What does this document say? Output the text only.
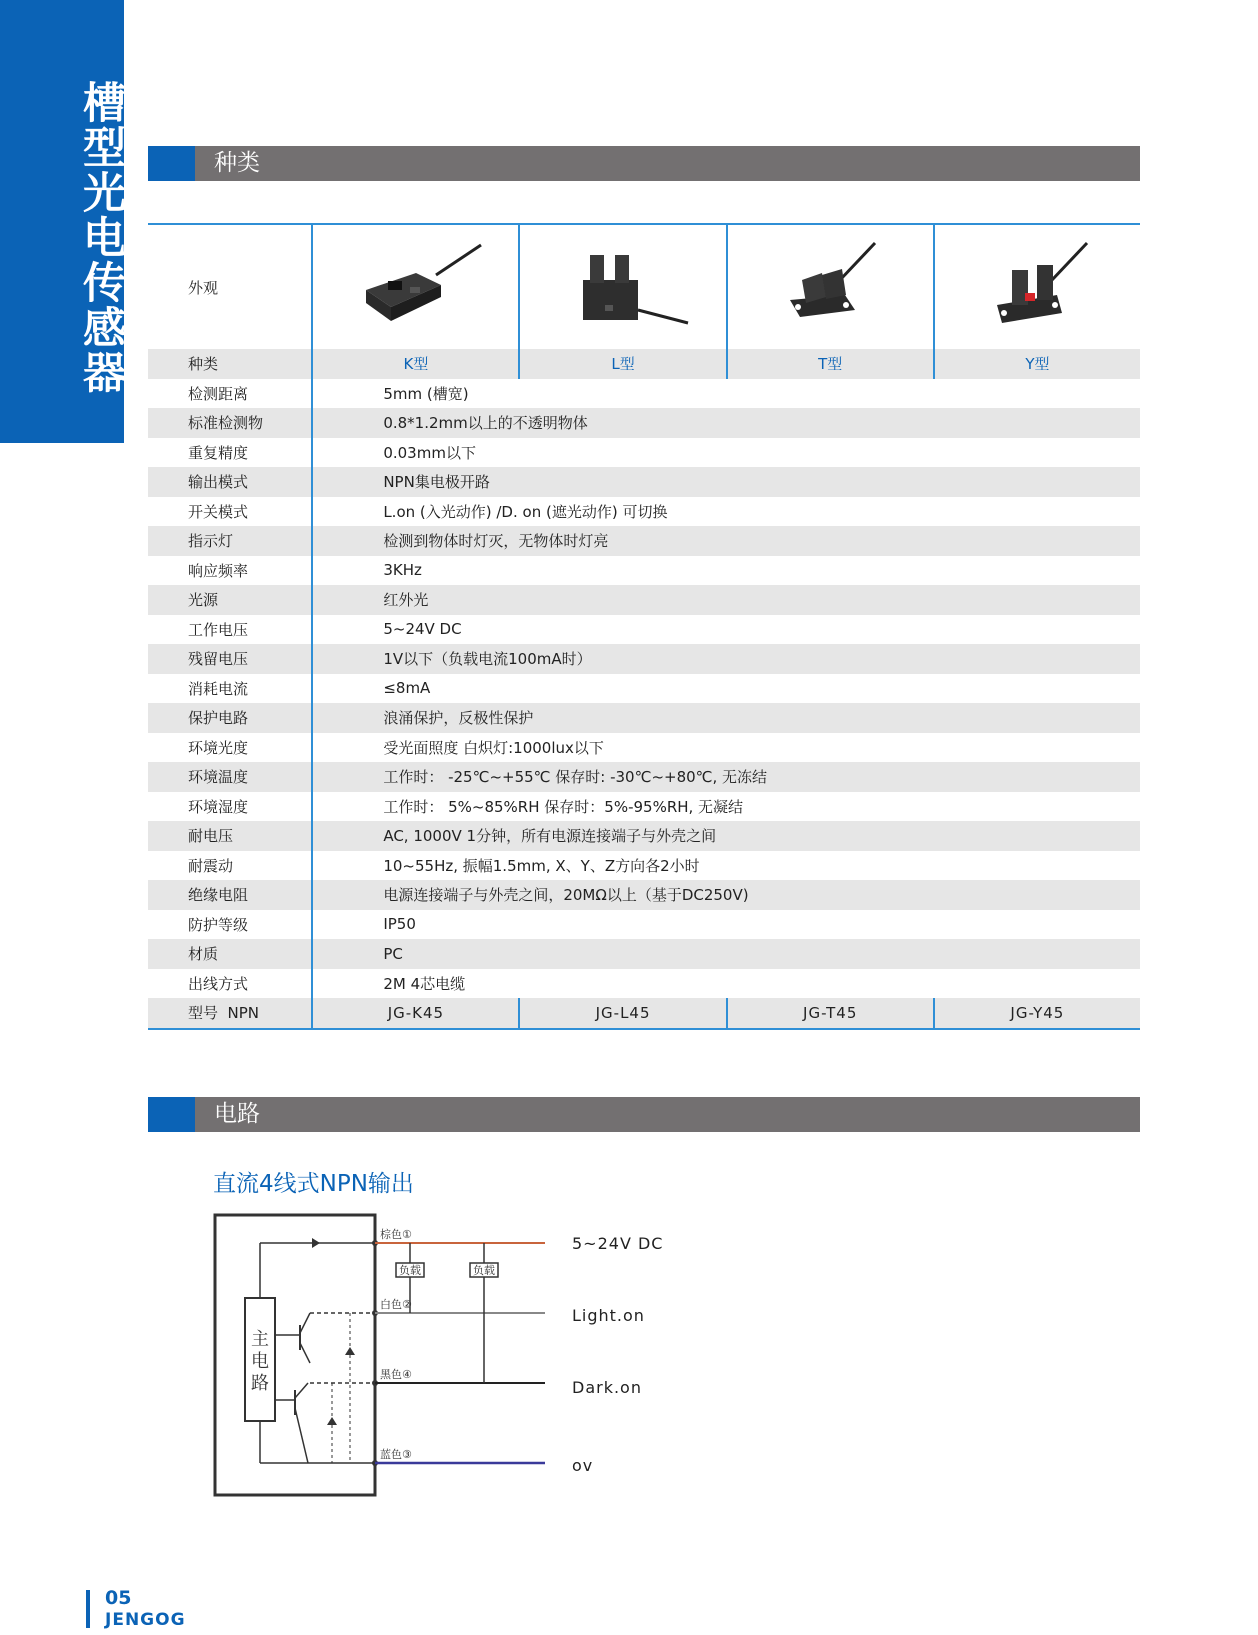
槽型光电传感器	种类
外观				
种类	K型	L型	T型	Y型
检测距离	5mm (槽宽)			
标准检测物	0.8*1.2mm以上的不透明物体			
重复精度	0.03mm以下			
输出模式	NPN集电极开路			
开关模式	L.on (入光动作) /D. on (遮光动作) 可切换			
指示灯	检测到物体时灯灭，无物体时灯亮			
响应频率	3KHz			
光源	红外光			
工作电压	5~24V DC			
残留电压	1V以下（负载电流100mA时）			
消耗电流	≤8mA			
保护电路	浪涌保护，反极性保护			
环境光度	受光面照度 白炽灯:1000lux以下			
环境温度	工作时： -25℃~+55℃ 保存时: -30℃~+80℃, 无冻结			
环境湿度	工作时： 5%~85%RH 保存时：5%-95%RH, 无凝结			
耐电压	AC, 1000V 1分钟，所有电源连接端子与外壳之间			
耐震动	10~55Hz, 振幅1.5mm, X、Y、Z方向各2小时			
绝缘电阻	电源连接端子与外壳之间，20MΩ以上（基于DC250V)			
防护等级	IP50			
材质	PC			
出线方式	2M 4芯电缆			
型号  NPN	JG-K45	JG-L45	JG-T45	JG-Y45
电路
直流4线式NPN输出
主
电
路
负载	负载
棕色①
白色②
黑色④
蓝色③
5~24V DC
Light.on
Dark.on
ov
05
JENGOG
